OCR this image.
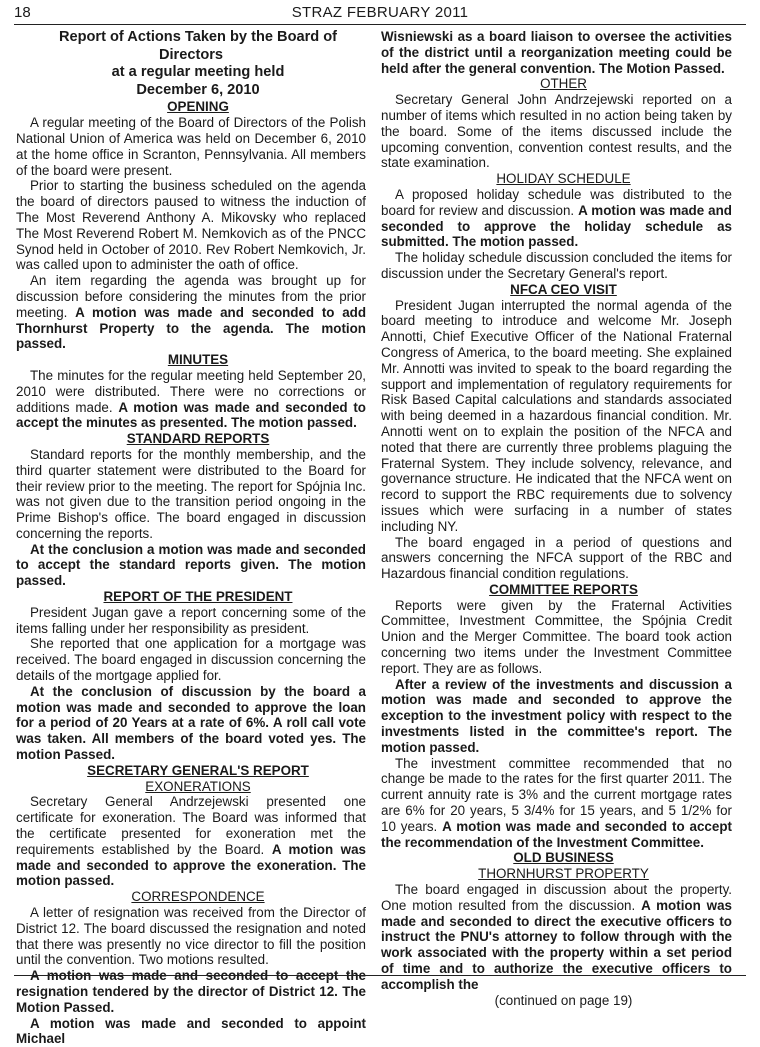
18	STRAZ FEBRUARY 2011

Report of Actions Taken by the Board of Directors

at a regular meeting held

December 6, 2010

OPENING

A regular meeting of the Board of Directors of the Polish National Union of America was held on December 6, 2010 at the home office in Scranton, Pennsylvania. All members of the board were present.

Prior to starting the business scheduled on the agenda the board of directors paused to witness the induction of The Most Reverend Anthony A. Mikovsky who replaced The Most Reverend Robert M. Nemkovich as of the PNCC Synod held in October of 2010. Rev Robert Nemkovich, Jr. was called upon to administer the oath of office.

An item regarding the agenda was brought up for discussion before considering the minutes from the prior meeting. A motion was made and seconded to add Thornhurst Property to the agenda. The motion passed.

MINUTES

The minutes for the regular meeting held September 20, 2010 were distributed. There were no corrections or additions made. A motion was made and seconded to accept the minutes as presented. The motion passed.

STANDARD REPORTS

Standard reports for the monthly membership, and the third quarter statement were distributed to the Board for their review prior to the meeting. The report for Spójnia Inc. was not given due to the transition period ongoing in the Prime Bishop's office. The board engaged in discussion concerning the reports.

At the conclusion a motion was made and seconded to accept the standard reports given. The motion passed.

REPORT OF THE PRESIDENT

President Jugan gave a report concerning some of the items falling under her responsibility as president.

She reported that one application for a mortgage was received. The board engaged in discussion concerning the details of the mortgage applied for.

At the conclusion of discussion by the board a motion was made and seconded to approve the loan for a period of 20 Years at a rate of 6%. A roll call vote was taken. All members of the board voted yes. The motion Passed.

SECRETARY GENERAL'S REPORT

EXONERATIONS

Secretary General Andrzejewski presented one certificate for exoneration. The Board was informed that the certificate presented for exoneration met the requirements established by the Board. A motion was made and seconded to approve the exoneration. The motion passed.

CORRESPONDENCE

A letter of resignation was received from the Director of District 12. The board discussed the resignation and noted that there was presently no vice director to fill the position until the convention. Two motions resulted.

A motion was made and seconded to accept the resignation tendered by the director of District 12. The Motion Passed.

A motion was made and seconded to appoint Michael

Wisniewski as a board liaison to oversee the activities of the district until a reorganization meeting could be held after the general convention. The Motion Passed.

OTHER

Secretary General John Andrzejewski reported on a number of items which resulted in no action being taken by the board. Some of the items discussed include the upcoming convention, convention contest results, and the state examination.

HOLIDAY SCHEDULE

A proposed holiday schedule was distributed to the board for review and discussion. A motion was made and seconded to approve the holiday schedule as submitted. The motion passed.

The holiday schedule discussion concluded the items for discussion under the Secretary General's report.

NFCA CEO VISIT

President Jugan interrupted the normal agenda of the board meeting to introduce and welcome Mr. Joseph Annotti, Chief Executive Officer of the National Fraternal Congress of America, to the board meeting. She explained Mr. Annotti was invited to speak to the board regarding the support and implementation of regulatory requirements for Risk Based Capital calculations and standards associated with being deemed in a hazardous financial condition. Mr. Annotti went on to explain the position of the NFCA and noted that there are currently three problems plaguing the Fraternal System. They include solvency, relevance, and governance structure. He indicated that the NFCA went on record to support the RBC requirements due to solvency issues which were surfacing in a number of states including NY.

The board engaged in a period of questions and answers concerning the NFCA support of the RBC and Hazardous financial condition regulations.

COMMITTEE REPORTS

Reports were given by the Fraternal Activities Committee, Investment Committee, the Spójnia Credit Union and the Merger Committee. The board took action concerning two items under the Investment Committee report. They are as follows.

After a review of the investments and discussion a motion was made and seconded to approve the exception to the investment policy with respect to the investments listed in the committee's report. The motion passed.

The investment committee recommended that no change be made to the rates for the first quarter 2011. The current annuity rate is 3% and the current mortgage rates are 6% for 20 years, 5 3/4% for 15 years, and 5 1/2% for 10 years. A motion was made and seconded to accept the recommendation of the Investment Committee.

OLD BUSINESS

THORNHURST PROPERTY

The board engaged in discussion about the property. One motion resulted from the discussion. A motion was made and seconded to direct the executive officers to instruct the PNU's attorney to follow through with the work associated with the property within a set period of time and to authorize the executive officers to accomplish the

(continued on page 19)
